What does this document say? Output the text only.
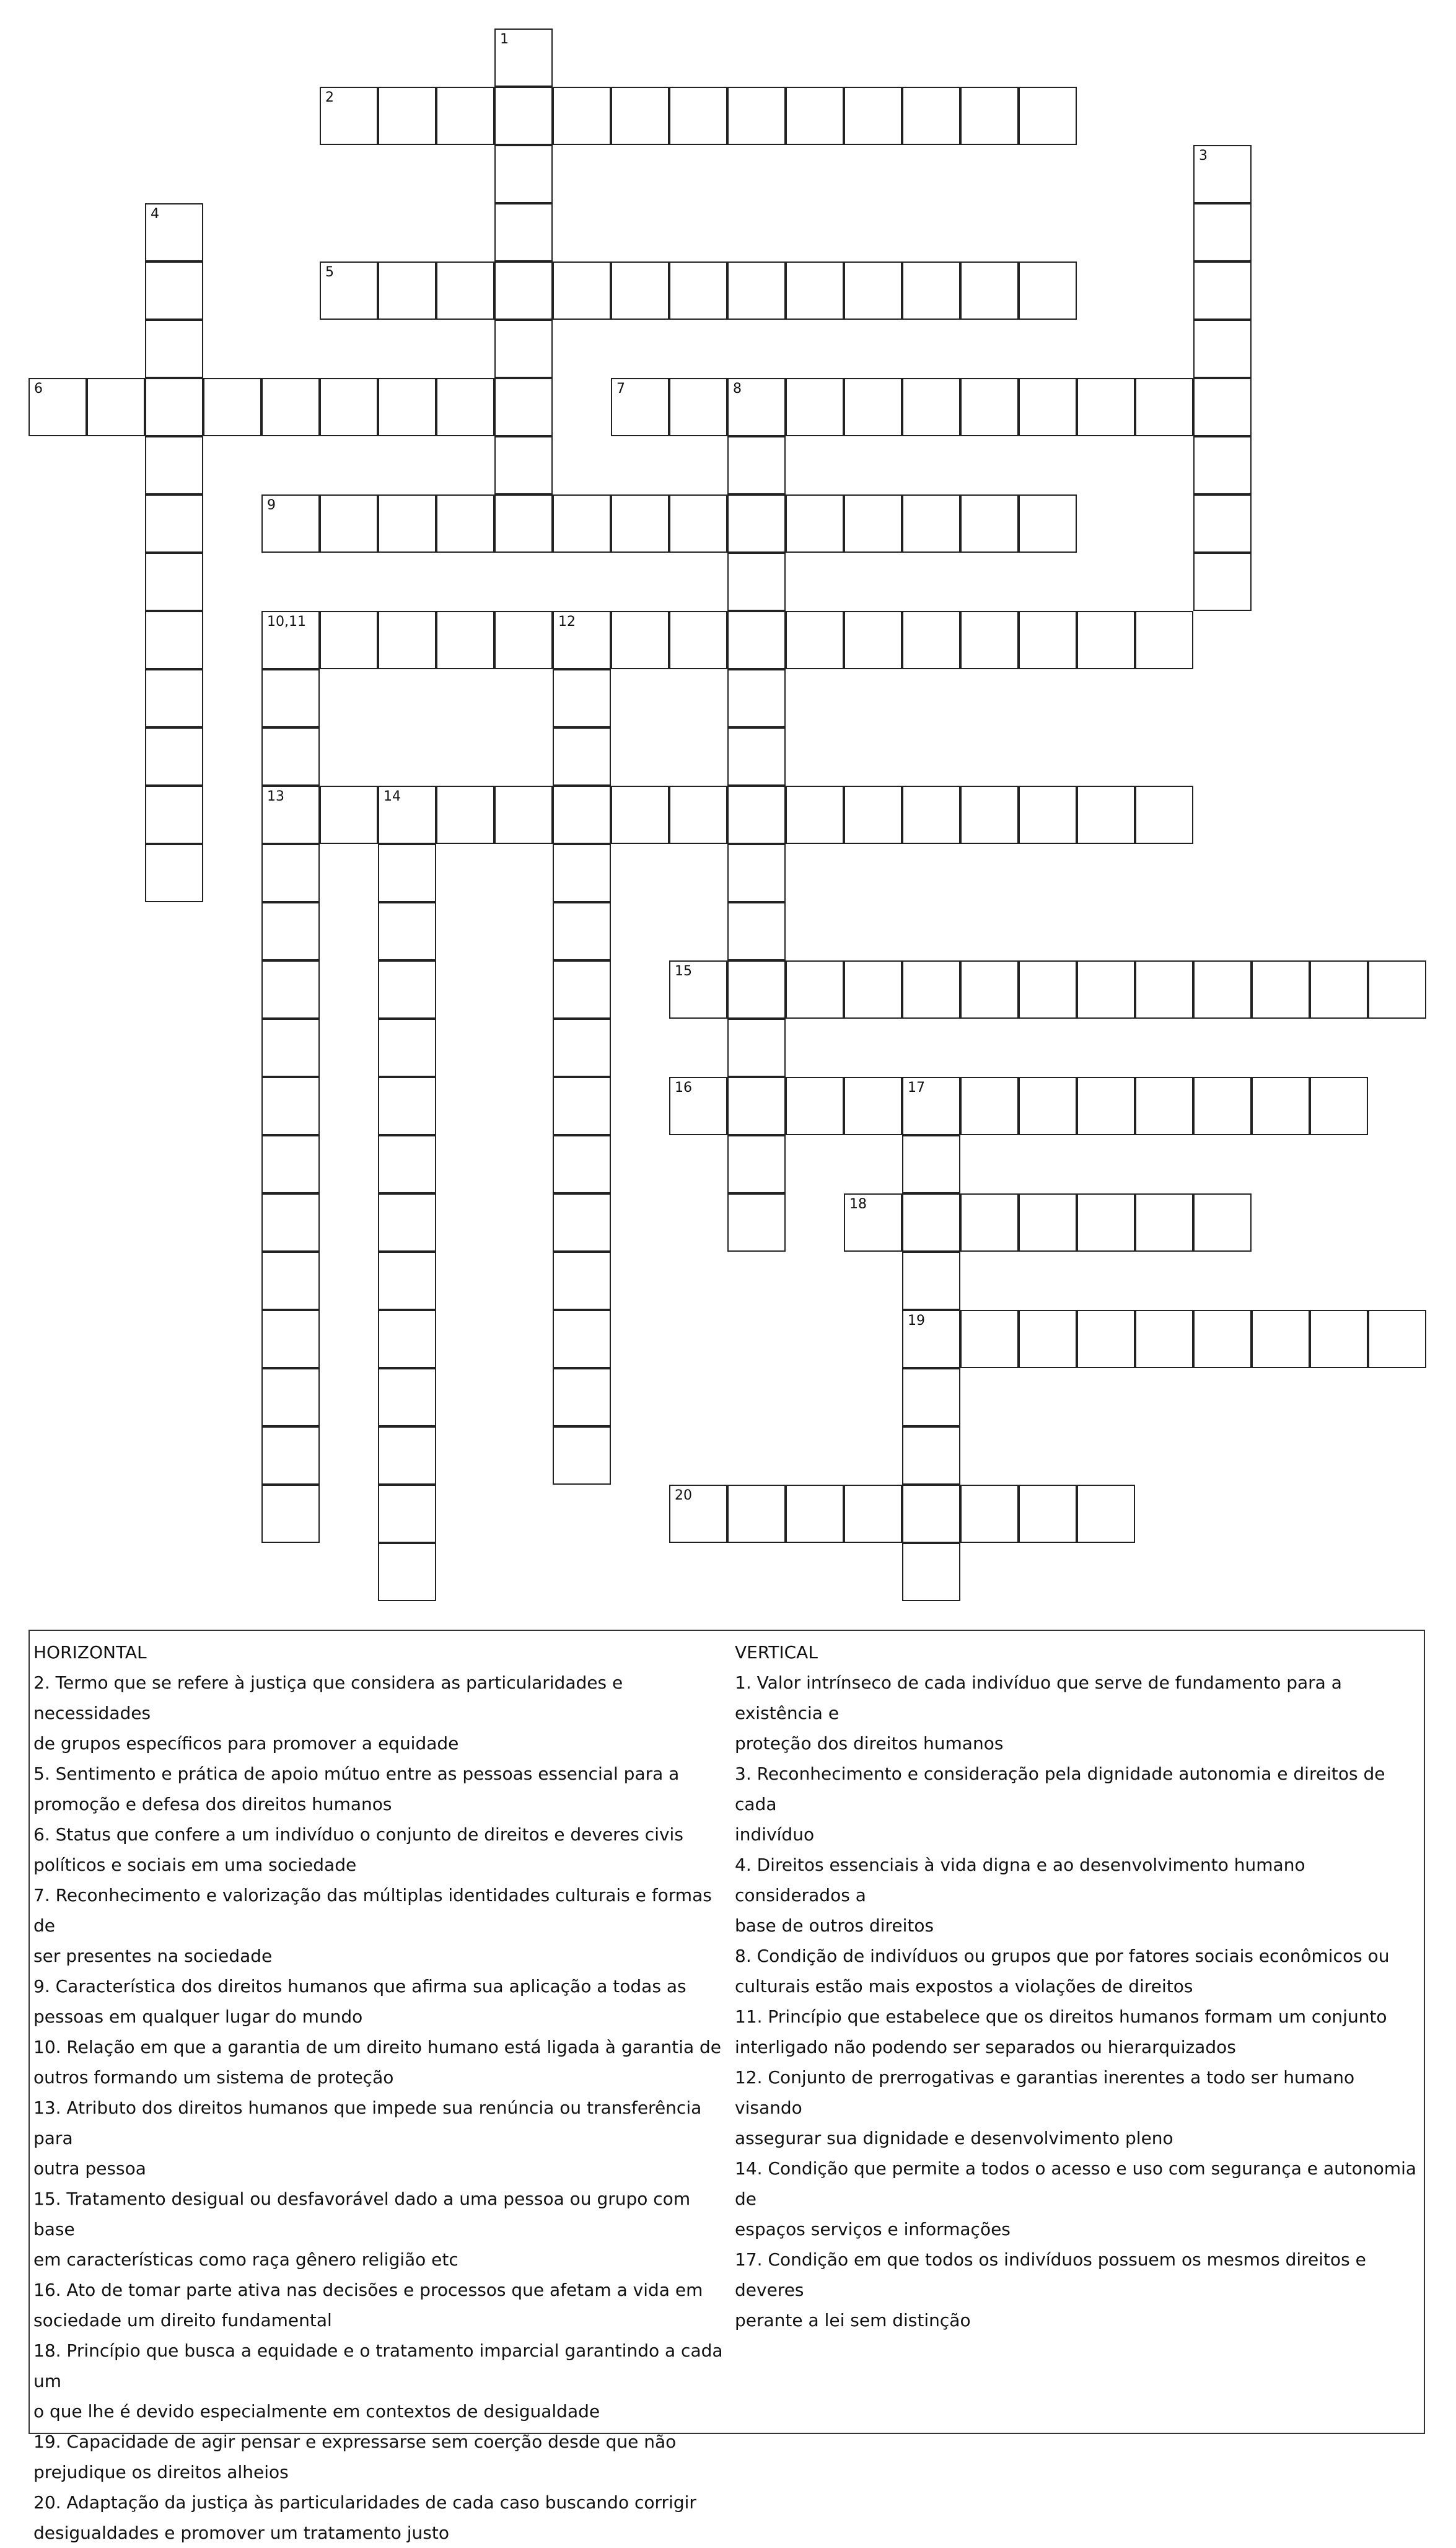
1
2
3
4
5
6	7	8
9
10,11	12
13	14
15
16	17
19
18
20
HORIZONTAL
2. Termo que se refere à justiça que considera as particularidades e necessidades
de grupos específicos para promover a equidade
5. Sentimento e prática de apoio mútuo entre as pessoas essencial para a
promoção e defesa dos direitos humanos
6. Status que confere a um indivíduo o conjunto de direitos e deveres civis
políticos e sociais em uma sociedade
7. Reconhecimento e valorização das múltiplas identidades culturais e formas de
ser presentes na sociedade
9. Característica dos direitos humanos que afirma sua aplicação a todas as
pessoas em qualquer lugar do mundo
10. Relação em que a garantia de um direito humano está ligada à garantia de
outros formando um sistema de proteção
13. Atributo dos direitos humanos que impede sua renúncia ou transferência para
outra pessoa
15. Tratamento desigual ou desfavorável dado a uma pessoa ou grupo com base
em características como raça gênero religião etc
16. Ato de tomar parte ativa nas decisões e processos que afetam a vida em
sociedade um direito fundamental
18. Princípio que busca a equidade e o tratamento imparcial garantindo a cada um
o que lhe é devido especialmente em contextos de desigualdade
19. Capacidade de agir pensar e expressarse sem coerção desde que não
prejudique os direitos alheios
20. Adaptação da justiça às particularidades de cada caso buscando corrigir
desigualdades e promover um tratamento justo
VERTICAL
1. Valor intrínseco de cada indivíduo que serve de fundamento para a existência e
proteção dos direitos humanos
3. Reconhecimento e consideração pela dignidade autonomia e direitos de cada
indivíduo
4. Direitos essenciais à vida digna e ao desenvolvimento humano considerados a
base de outros direitos
8. Condição de indivíduos ou grupos que por fatores sociais econômicos ou
culturais estão mais expostos a violações de direitos
11. Princípio que estabelece que os direitos humanos formam um conjunto
interligado não podendo ser separados ou hierarquizados
12. Conjunto de prerrogativas e garantias inerentes a todo ser humano visando
assegurar sua dignidade e desenvolvimento pleno
14. Condição que permite a todos o acesso e uso com segurança e autonomia de
espaços serviços e informações
17. Condição em que todos os indivíduos possuem os mesmos direitos e deveres
perante a lei sem distinção
